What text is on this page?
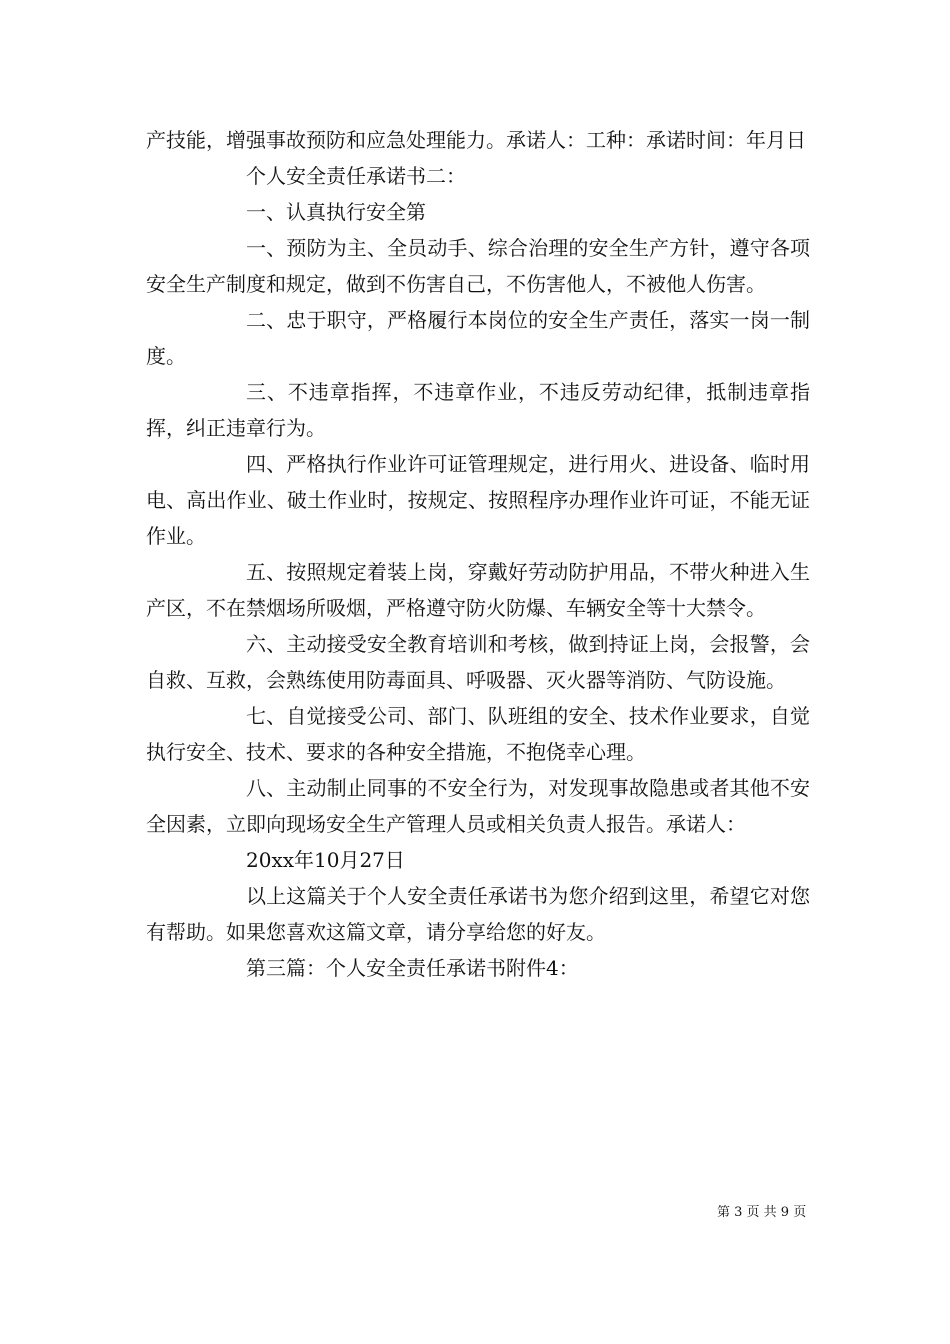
产技能，增强事故预防和应急处理能力。承诺人：工种：承诺时间：年月日

个人安全责任承诺书二：

一、认真执行安全第

一、预防为主、全员动手、综合治理的安全生产方针，遵守各项安全生产制度和规定，做到不伤害自己，不伤害他人，不被他人伤害。

二、忠于职守，严格履行本岗位的安全生产责任，落实一岗一制度。

三、不违章指挥，不违章作业，不违反劳动纪律，抵制违章指挥，纠正违章行为。

四、严格执行作业许可证管理规定，进行用火、进设备、临时用电、高出作业、破土作业时，按规定、按照程序办理作业许可证，不能无证作业。

五、按照规定着装上岗，穿戴好劳动防护用品，不带火种进入生产区，不在禁烟场所吸烟，严格遵守防火防爆、车辆安全等十大禁令。

六、主动接受安全教育培训和考核，做到持证上岗，会报警，会自救、互救，会熟练使用防毒面具、呼吸器、灭火器等消防、气防设施。

七、自觉接受公司、部门、队班组的安全、技术作业要求，自觉执行安全、技术、要求的各种安全措施，不抱侥幸心理。

八、主动制止同事的不安全行为，对发现事故隐患或者其他不安全因素，立即向现场安全生产管理人员或相关负责人报告。承诺人：

20xx年10月27日

以上这篇关于个人安全责任承诺书为您介绍到这里，希望它对您有帮助。如果您喜欢这篇文章，请分享给您的好友。

第三篇：个人安全责任承诺书附件4：

第 3 页 共 9 页
